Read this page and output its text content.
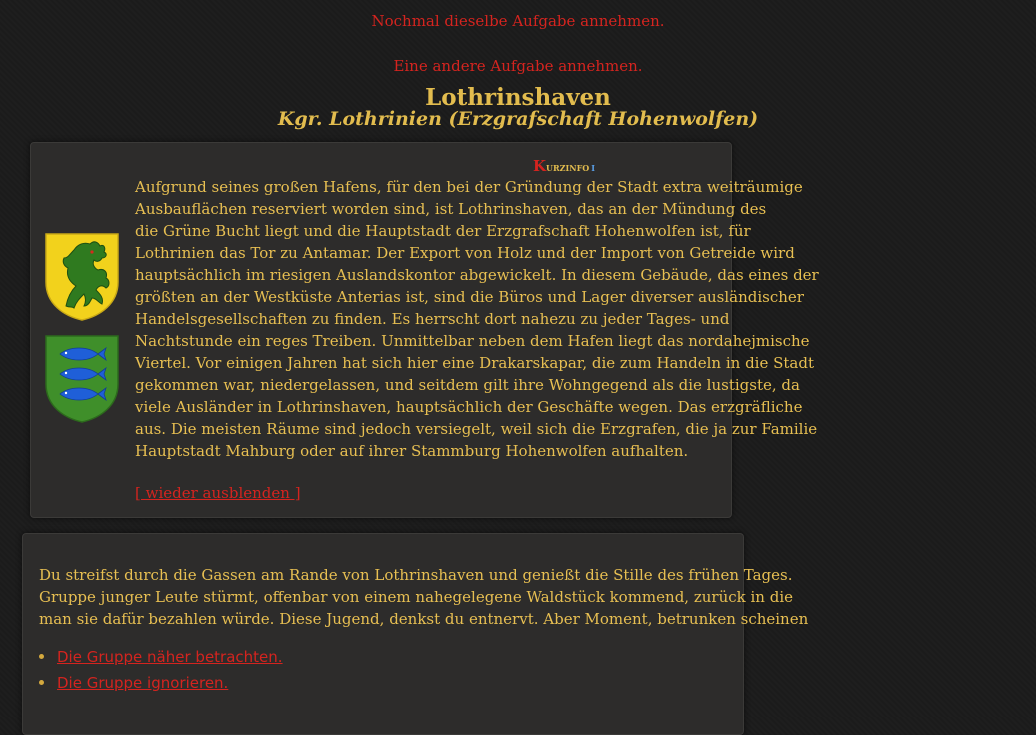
Nochmal dieselbe Aufgabe annehmen.
Eine andere Aufgabe annehmen.
Lothrinshaven
Kgr. Lothrinien (Erzgrafschaft Hohenwolfen)
Kurzinfo i
Aufgrund seines großen Hafens, für den bei der Gründung der Stadt extra weiträumige
Ausbauflächen reserviert worden sind, ist Lothrinshaven, das an der Mündung des
die Grüne Bucht liegt und die Hauptstadt der Erzgrafschaft Hohenwolfen ist, für
Lothrinien das Tor zu Antamar. Der Export von Holz und der Import von Getreide wird
hauptsächlich im riesigen Auslandskontor abgewickelt. In diesem Gebäude, das eines der
größten an der Westküste Anterias ist, sind die Büros und Lager diverser ausländischer
Handelsgesellschaften zu finden. Es herrscht dort nahezu zu jeder Tages- und
Nachtstunde ein reges Treiben. Unmittelbar neben dem Hafen liegt das nordahejmische
Viertel. Vor einigen Jahren hat sich hier eine Drakarskapar, die zum Handeln in die Stadt
gekommen war, niedergelassen, und seitdem gilt ihre Wohngegend als die lustigste, da
viele Ausländer in Lothrinshaven, hauptsächlich der Geschäfte wegen. Das erzgräfliche
aus. Die meisten Räume sind jedoch versiegelt, weil sich die Erzgrafen, die ja zur Familie
Hauptstadt Mahburg oder auf ihrer Stammburg Hohenwolfen aufhalten.
[ wieder ausblenden ]
Du streifst durch die Gassen am Rande von Lothrinshaven und genießt die Stille des frühen Tages.
Gruppe junger Leute stürmt, offenbar von einem nahegelegene Waldstück kommend, zurück in die
man sie dafür bezahlen würde. Diese Jugend, denkst du entnervt. Aber Moment, betrunken scheinen
Die Gruppe näher betrachten.
Die Gruppe ignorieren.
